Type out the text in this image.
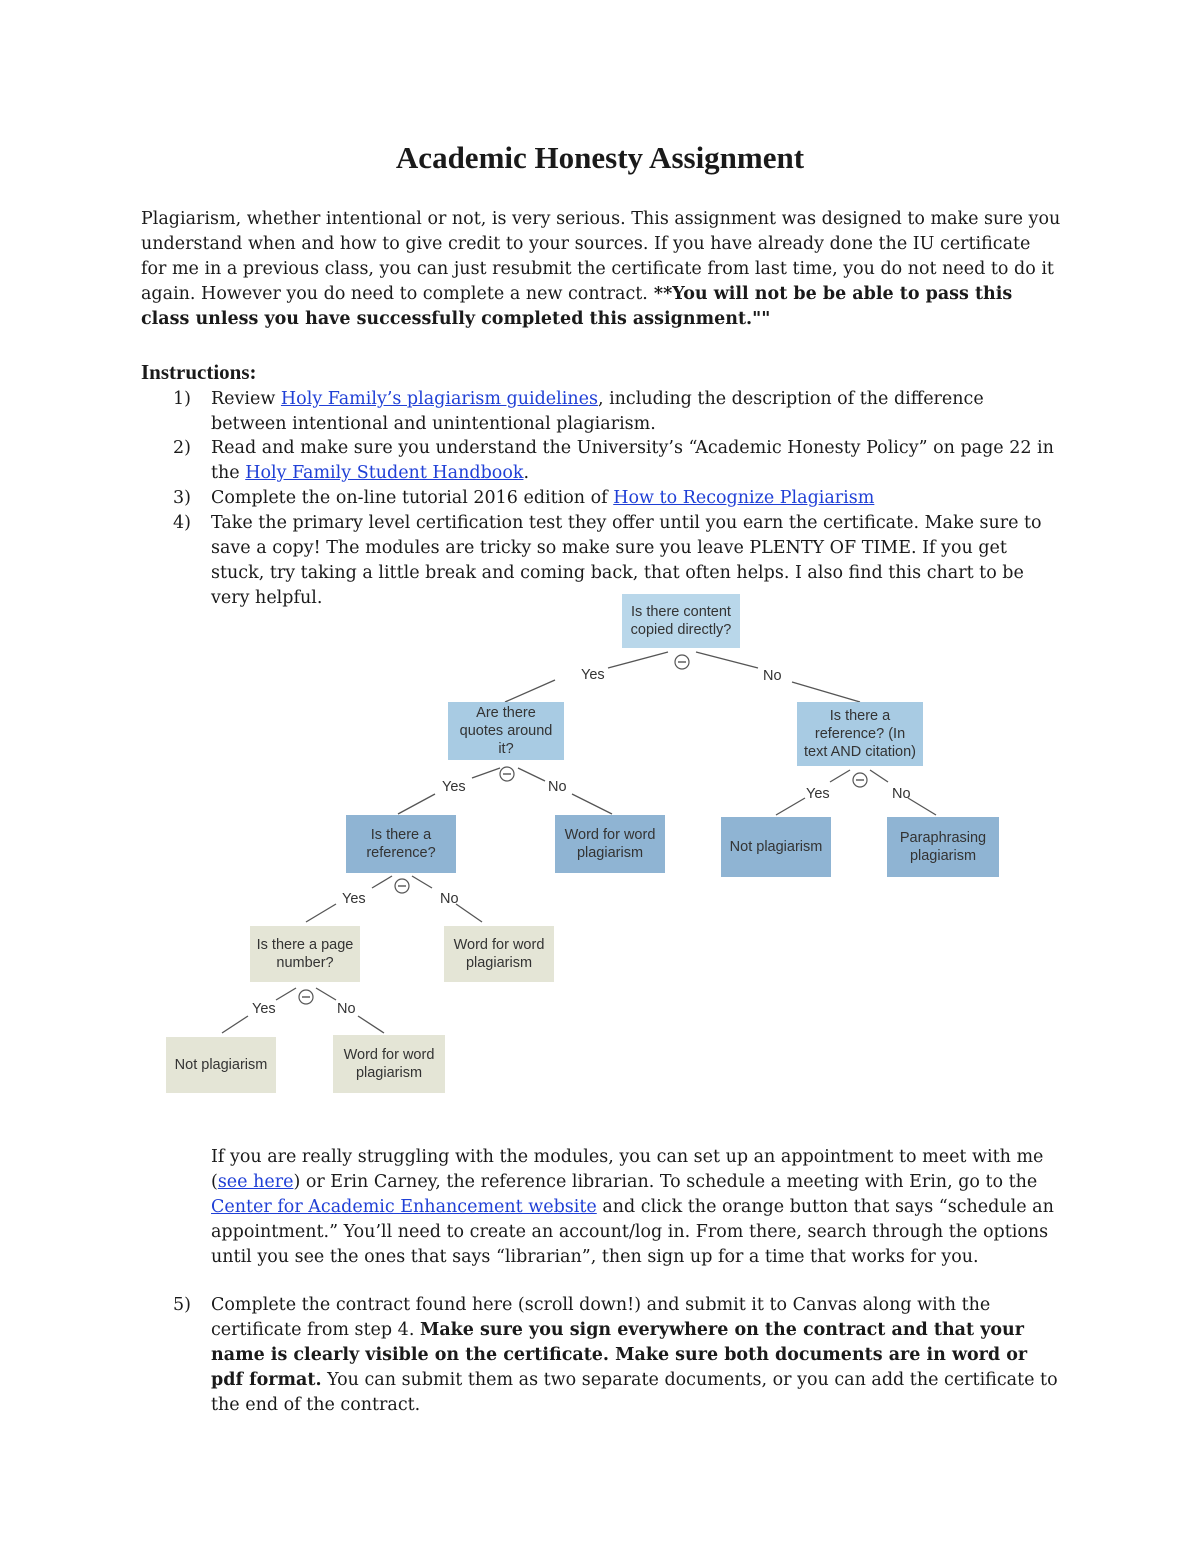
Academic Honesty Assignment
Plagiarism, whether intentional or not, is very serious. This assignment was designed to make sure you understand when and how to give credit to your sources. If you have already done the IU certificate for me in a previous class, you can just resubmit the certificate from last time, you do not need to do it again. However you do need to complete a new contract. **You will not be be able to pass this class unless you have successfully completed this assignment.""
Instructions:
1)	Review Holy Family’s plagiarism guidelines, including the description of the difference between intentional and unintentional plagiarism.
2)	Read and make sure you understand the University’s “Academic Honesty Policy” on page 22 in the Holy Family Student Handbook.
3)	Complete the on-line tutorial 2016 edition of How to Recognize Plagiarism
4)	Take the primary level certification test they offer until you earn the certificate. Make sure to save a copy! The modules are tricky so make sure you leave PLENTY OF TIME. If you get stuck, try taking a little break and coming back, that often helps. I also find this chart to be very helpful.
Is there content copied directly?
Are there quotes around it?
Is there a reference? (In text AND citation)
Is there a reference?
Word for word plagiarism	Not plagiarism
Paraphrasing plagiarism
Is there a page number?
Word for word plagiarism
Not plagiarism
Word for word plagiarism
Yes	No
Yes	No	Yes	No
Yes	No
Yes	No
If you are really struggling with the modules, you can set up an appointment to meet with me (see here) or Erin Carney, the reference librarian. To schedule a meeting with Erin, go to the Center for Academic Enhancement website and click the orange button that says “schedule an appointment.” You’ll need to create an account/log in. From there, search through the options until you see the ones that says “librarian”, then sign up for a time that works for you.
5)	Complete the contract found here (scroll down!) and submit it to Canvas along with the certificate from step 4. Make sure you sign everywhere on the contract and that your name is clearly visible on the certificate. Make sure both documents are in word or pdf format. You can submit them as two separate documents, or you can add the certificate to the end of the contract.
